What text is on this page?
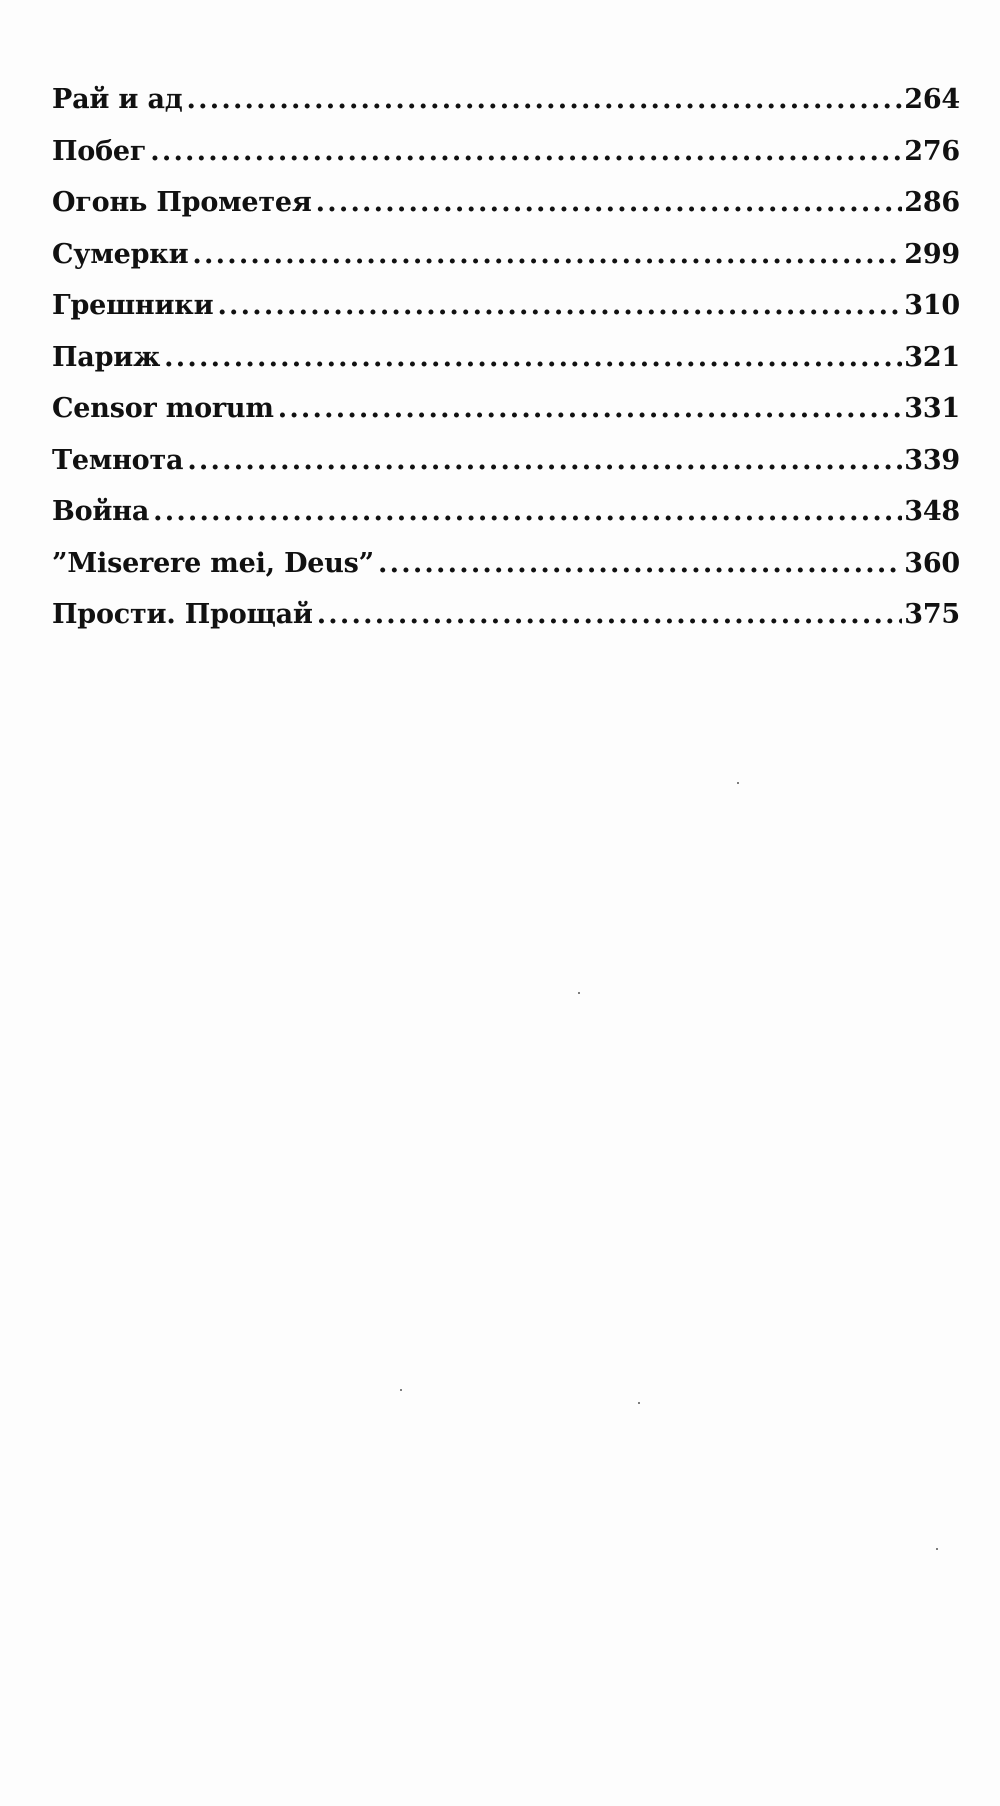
Рай и ад .....	264
Побег .....	276
Огонь Прометея .....	286
Сумерки .....	299
Грешники .....	310
Париж .....	321
Censor morum .....	331
Темнота .....	339
Война .....	348
”Miserere mei, Deus” .....	360
Прости. Прощай .....	375
